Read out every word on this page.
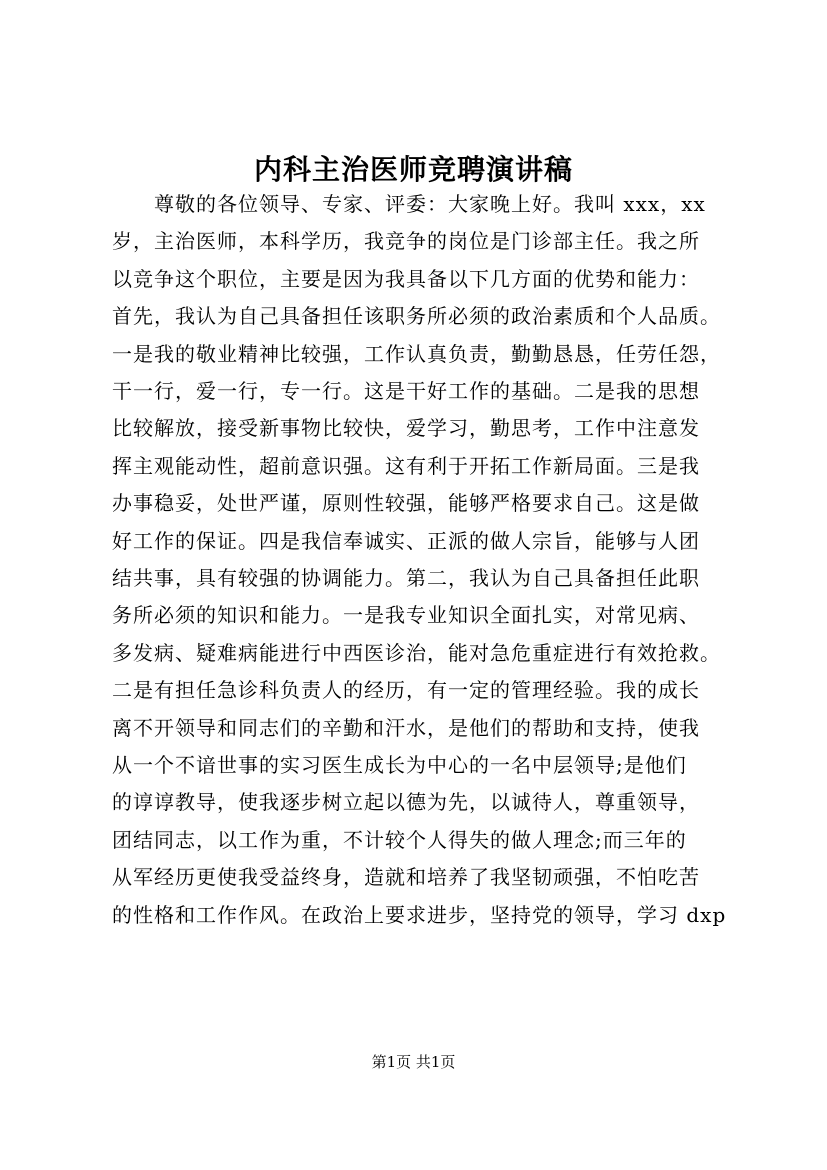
内科主治医师竞聘演讲稿
　　尊敬的各位领导、专家、评委：大家晚上好。我叫 xxx，xx
岁，主治医师，本科学历，我竞争的岗位是门诊部主任。我之所
以竞争这个职位，主要是因为我具备以下几方面的优势和能力：
首先，我认为自己具备担任该职务所必须的政治素质和个人品质。
一是我的敬业精神比较强，工作认真负责，勤勤恳恳，任劳任怨，
干一行，爱一行，专一行。这是干好工作的基础。二是我的思想
比较解放，接受新事物比较快，爱学习，勤思考，工作中注意发
挥主观能动性，超前意识强。这有利于开拓工作新局面。三是我
办事稳妥，处世严谨，原则性较强，能够严格要求自己。这是做
好工作的保证。四是我信奉诚实、正派的做人宗旨，能够与人团
结共事，具有较强的协调能力。第二，我认为自己具备担任此职
务所必须的知识和能力。一是我专业知识全面扎实，对常见病、
多发病、疑难病能进行中西医诊治，能对急危重症进行有效抢救。
二是有担任急诊科负责人的经历，有一定的管理经验。我的成长
离不开领导和同志们的辛勤和汗水，是他们的帮助和支持，使我
从一个不谙世事的实习医生成长为中心的一名中层领导;是他们
的谆谆教导，使我逐步树立起以德为先，以诚待人，尊重领导，
团结同志，以工作为重，不计较个人得失的做人理念;而三年的
从军经历更使我受益终身，造就和培养了我坚韧顽强，不怕吃苦
的性格和工作作风。在政治上要求进步，坚持党的领导，学习 dxp
第1页 共1页
